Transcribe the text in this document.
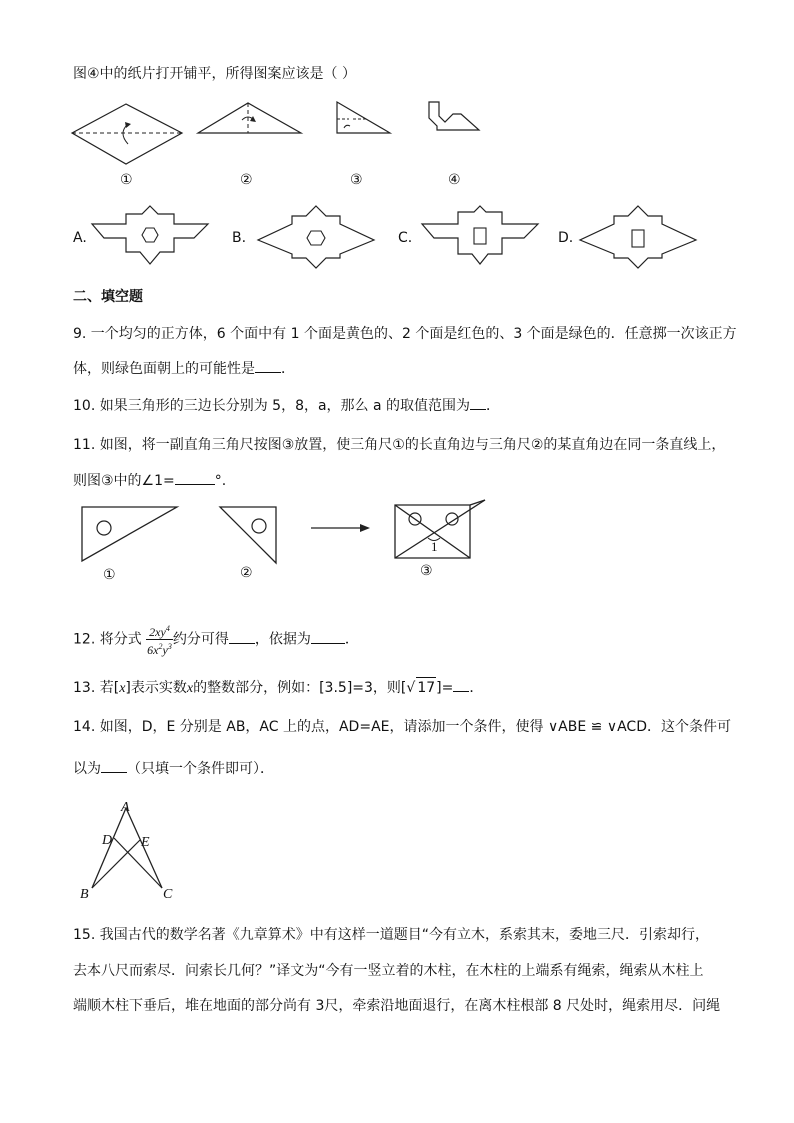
图④中的纸片打开铺平，所得图案应该是（ ）
①	②	③	④
A.	B.	C.	D.
二、填空题
9. 一个均匀的正方体，6 个面中有 1 个面是黄色的、2 个面是红色的、3 个面是绿色的．任意掷一次该正方
体，则绿色面朝上的可能性是 ．
10. 如果三角形的三边长分别为 5，8，a，那么 a 的取值范围为 ．
11. 如图，将一副直角三角尺按图③放置，使三角尺①的长直角边与三角尺②的某直角边在同一条直线上，
则图③中的∠1=	°.
1
①	②	③
12. 将分式 $\frac{2xy^4}{6x^2y^3}$ 约分可得 ，依据为 ．
13. 若[x]表示实数x的整数部分，例如：[3.5]=3，则[√ 17]= ．
14. 如图，D，E 分别是 AB，AC 上的点，AD=AE，请添加一个条件，使得 ∨ABE ≌ ∨ACD．这个条件可
以为 （只填一个条件即可）．
A
D E
B	C
15. 我国古代的数学名著《九章算术》中有这样一道题目“今有立木，系索其末，委地三尺．引索却行，
去本八尺而索尽．问索长几何？”译文为“今有一竖立着的木柱，在木柱的上端系有绳索，绳索从木柱上
端顺木柱下垂后，堆在地面的部分尚有 3尺，牵索沿地面退行，在离木柱根部 8 尺处时，绳索用尽．问绳
